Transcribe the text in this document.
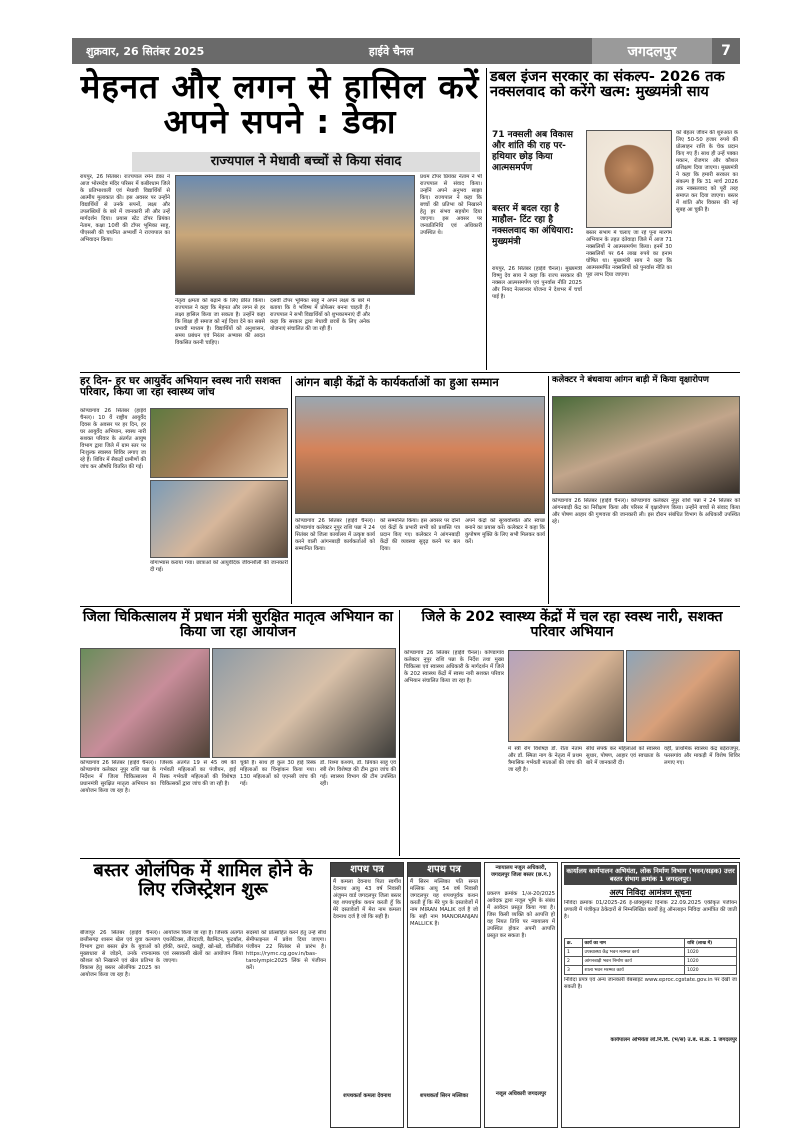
शुक्रवार, 26 सितंबर 2025	हाईवे चैनल	जगदलपुर	7
मेहनत और लगन से हासिल करें अपने सपने : डेका
राज्यपाल ने मेधावी बच्चों से किया संवाद
रायपुर, 26 सितंबर। राज्यपाल रमेन डेका ने आज भोरमदेव मंदिर परिसर में कबीरधाम जिले के प्रतिभाशाली एवं मेधावी विद्यार्थियों से आत्मीय मुलाकात की। इस अवसर पर उन्होंने विद्यार्थियों से उनके सपनों, लक्ष्य और उपलब्धियों के बारे में जानकारी ली और उन्हें मार्गदर्शन दिया। प्रयास स्टेट टॉपर प्रियंका नेताम, कक्षा 10वीं की टॉपर भूमिका साहू, पीएससी की चयनित अभ्यर्थी ने राज्यपाल का अभिवादन किया।
नेतृत्व क्षमता को बढ़ाने के लिए प्रेरित किया। राज्यपाल ने कहा कि मेहनत और लगन से हर लक्ष्य हासिल किया जा सकता है। उन्होंने कहा कि शिक्षा ही समाज को नई दिशा देने का सबसे प्रभावी माध्यम है। विद्यार्थियों को अनुशासन, समय प्रबंधन एवं निरंतर अभ्यास की आदत विकसित करनी चाहिए।
दसवीं टॉपर भूमिका साहू ने अपने लक्ष्य के बारे में बताया कि वे भविष्य में प्रोफेसर बनना चाहती हैं। राज्यपाल ने सभी विद्यार्थियों को शुभकामनाएं दीं और कहा कि सरकार द्वारा मेधावी छात्रों के लिए अनेक योजनाएं संचालित की जा रही हैं।
प्रथम टॉपर प्रियंका नेताम ने भी राज्यपाल से संवाद किया। उन्होंने अपने अनुभव साझा किए। राज्यपाल ने कहा कि बच्चों की प्रतिभा को निखारने हेतु हर संभव सहयोग दिया जाएगा। इस अवसर पर जनप्रतिनिधि एवं अधिकारी उपस्थित थे।
डबल इंजन सरकार का संकल्प- 2026 तक नक्सलवाद को करेंगे खत्म: मुख्यमंत्री साय
71 नक्सली अब विकास और शांति की राह पर- हथियार छोड़ किया आत्मसमर्पण
बस्तर में बदल रहा है माहौल- टिंट रहा है नक्सलवाद का अंधियारा: मुख्यमंत्री
रायपुर, 26 सितंबर (हाईवे चैनल)। मुख्यमंत्री विष्णु देव साय ने कहा कि राज्य सरकार की नक्सल आत्मसमर्पण एवं पुनर्वास नीति 2025 और नियद नेल्लानार योजना ने देशभर में चर्चा पाई है।
बस्तर संभाग में चलाए जा रहे पूना मारगेम अभियान के तहत दंतेवाड़ा जिले में आज 71 नक्सलियों ने आत्मसमर्पण किया। इनमें 30 नक्सलियों पर 64 लाख रुपये का इनाम घोषित था। मुख्यमंत्री साय ने कहा कि आत्मसमर्पित नक्सलियों को पुनर्वास नीति का पूरा लाभ दिया जाएगा।
को बेहतर जीवन की शुरुआत के लिए 50-50 हजार रुपये की प्रोत्साहन राशि के चेक प्रदान किए गए हैं। साथ ही उन्हें पक्का मकान, रोजगार और कौशल प्रशिक्षण दिया जाएगा। मुख्यमंत्री ने कहा कि हमारी सरकार का संकल्प है कि 31 मार्च 2026 तक नक्सलवाद को पूरी तरह समाप्त कर दिया जाएगा। बस्तर में शांति और विकास की नई सुबह आ चुकी है।
हर दिन- हर घर आयुर्वेद अभियान स्वस्थ नारी सशक्त परिवार, किया जा रहा स्वास्थ्य जांच
कोण्डागांव 26 सितंबर (हाईवे चैनल)। 10 वें राष्ट्रीय आयुर्वेद दिवस के अवसर पर हर दिन, हर घर आयुर्वेद अभियान, स्वस्थ नारी सशक्त परिवार के अंतर्गत आयुष विभाग द्वारा जिले में ग्राम स्तर पर निःशुल्क स्वास्थ्य शिविर लगाए जा रहे हैं। शिविर में सैकड़ों ग्रामीणों की जांच कर औषधि वितरित की गई।
योगाभ्यास कराया गया। छात्राओं को आयुर्वेदिक जीवनशैली की जानकारी दी गई।
आंगन बाड़ी केंद्रों के कार्यकर्ताओं का हुआ सम्मान
कोण्डागांव 26 सितंबर (हाईवे चैनल)। कोण्डागांव कलेक्टर नूपुर राशि पन्ना ने 24 सितंबर को जिला कार्यालय में उत्कृष्ट कार्य करने वाली आंगनबाड़ी कार्यकर्ताओं को सम्मानित किया।
को सम्मानित किया। इस अवसर पर दोनों एवं केंद्रों के प्रभारी सभी को प्रशस्ति पत्र प्रदान किए गए। कलेक्टर ने आंगनबाड़ी केंद्रों की व्यवस्था सुदृढ़ करने पर बल दिया।
अपने केंद्रों को सुव्यवस्थित और स्वच्छ बनाने का प्रयास करें। कलेक्टर ने कहा कि कुपोषण मुक्ति के लिए सभी मिलकर कार्य करें।
कलेक्टर ने बंधवाया आंगन बाड़ी में किया वृक्षारोपण
कोण्डागांव 26 सितंबर (हाईवे चैनल)। कोण्डागांव कलेक्टर नूपुर राशि पन्ना ने 24 सितंबर को आंगनबाड़ी केंद्र का निरीक्षण किया और परिसर में वृक्षारोपण किया। उन्होंने बच्चों से संवाद किया और पोषण आहार की गुणवत्ता की जानकारी ली। इस दौरान संबंधित विभाग के अधिकारी उपस्थित रहे।
जिला चिकित्सालय में प्रधान मंत्री सुरक्षित मातृत्व अभियान का किया जा रहा आयोजन
कोण्डागांव 26 सितंबर (हाईवे चैनल)। कोण्डागांव कलेक्टर नूपुर राशि पन्ना के निर्देशन में जिला चिकित्सालय में प्रधानमंत्री सुरक्षित मातृत्व अभियान का आयोजन किया जा रहा है।
जिसके अंतर्गत 19 से 45 वर्ष की गर्भवती महिलाओं का पंजीयन, हाई रिस्क गर्भवती महिलाओं की विशेषज्ञ चिकित्सकों द्वारा जांच की जा रही है।
चुकी हैं। साथ ही कुल 30 हाई रिस्क महिलाओं का चिन्हांकन किया गया। 130 महिलाओं को एएनसी जांच की गई।
डॉ. रिश्मा कश्यप, डॉ. प्रियंका साहू एवं स्त्री रोग विशेषज्ञ की टीम द्वारा जांच की गई। स्वास्थ्य विभाग की टीम उपस्थित रही।
जिले के 202 स्वास्थ्य केंद्रों में चल रहा स्वस्थ नारी, सशक्त परिवार अभियान
कोण्डागांव 26 सितंबर (हाईवे चैनल)। कोण्डागांव कलेक्टर नूपुर राशि पन्ना के निर्देश तथा मुख्य चिकित्सा एवं स्वास्थ्य अधिकारी के मार्गदर्शन में जिले के 202 स्वास्थ्य केंद्रों में स्वस्थ नारी सशक्त परिवार अभियान संचालित किया जा रहा है।
में स्त्री रोग विशेषज्ञ डॉ. रीता नेताम और डॉ. स्मिता नाग के नेतृत्व में प्रथम त्रैमासिक गर्भवती माताओं की जांच की जा रही है।
सीधे संपर्क कर महिलाओं को स्वास्थ्य सुधार, पोषण, आहार एवं स्वच्छता के बारे में जानकारी दी।
वहीं, प्राथमिक स्वास्थ्य केंद्र बड़ेराजपुर, फरसगांव और माकड़ी में विशेष शिविर लगाए गए।
बस्तर ओलंपिक में शामिल होने के लिए रजिस्ट्रेशन शुरू
बीजापुर 26 सितंबर (हाईवे चैनल)। छत्तीसगढ़ शासन खेल एवं युवा कल्याण विभाग द्वारा बस्तर क्षेत्र के युवाओं को मुख्यधारा से जोड़ने, उनके रचनात्मक कौशल को निखारने एवं खेल प्रतिभा के विकास हेतु बस्तर ओलंपिक 2025 का आयोजन किया जा रहा है।
आयोजन किया जा रहा है। जिसके अंतर्गत एथलेटिक्स, तीरंदाजी, बैडमिंटन, फुटबॉल, हॉकी, कराटे, कबड्डी, खो-खो, वॉलीबॉल एवं रस्साकसी खेलों का आयोजन किया जाएगा।
सदस्यों को प्रोत्साहित करने हेतु उन्हें सीधे सेमीफाइनल में प्रवेश दिया जाएगा। पंजीयन 22 सितंबर से प्रारंभ है। https://rymc.cg.gov.in/bas-tarolympic2025 लिंक से पंजीयन करें।
शपथ पत्र
मैं कमला देवनाथ पिता स्वर्गीय देवनाथ आयु 43 वर्ष निवासी अंजुमन वार्ड जगदलपुर जिला बस्तर यह शपथपूर्वक कथन करती हूँ कि मेरे दस्तावेजों में मेरा नाम कमला देवनाथ दर्ज है जो कि सही है।
शपथकर्ता कमला देवनाथ
शपथ पत्र
मैं सिरन मल्लिका पति सनत मल्लिक आयु 54 वर्ष निवासी जगदलपुर यह शपथपूर्वक कथन करती हूँ कि मेरे पुत्र के दस्तावेजों में नाम MIRAN MALIK दर्ज है जो कि सही नाम MANORANJAN MALLICK है।
शपथकर्ता सिरन मल्लिका
न्यायालय नजूल अधिकारी, जगदलपुर जिला बस्तर (छ.ग.)
प्रकरण क्रमांक 1/अ-20/2025 आवेदक द्वारा नजूल भूमि के संबंध में आवेदन प्रस्तुत किया गया है। जिस किसी व्यक्ति को आपत्ति हो वह नियत तिथि पर न्यायालय में उपस्थित होकर अपनी आपत्ति प्रस्तुत कर सकता है।
नजूल अधिकारी जगदलपुर
कार्यालय कार्यपालन अभियंता, लोक निर्माण विभाग (भवन/सड़क) उत्तर बस्तर संभाग क्रमांक 1 जगदलपुर।
अल्प निविदा आमंत्रण सूचना
निविदा क्रमांक 01/2025-26 ई-प्रोक्यूरमेंट दिनांक 22.09.2025 एकीकृत पंजीयन प्रणाली में पंजीकृत ठेकेदारों से निम्नलिखित कार्यों हेतु ऑनलाइन निविदा आमंत्रित की जाती है।
क्र.	कार्य का नाम	राशि (लाख में)
1	उपस्वास्थ्य केंद्र भवन मरम्मत कार्य	1020
2	आंगनबाड़ी भवन निर्माण कार्य	1020
3	शाला भवन मरम्मत कार्य	1020
निविदा प्रपत्र एवं अन्य जानकारी वेबसाइट www.eproc.cgstate.gov.in पर देखी जा सकती है।
कार्यपालन अभियंता लो.नि.वि. (भ/स) उ.ब. सं.क्र. 1 जगदलपुर
